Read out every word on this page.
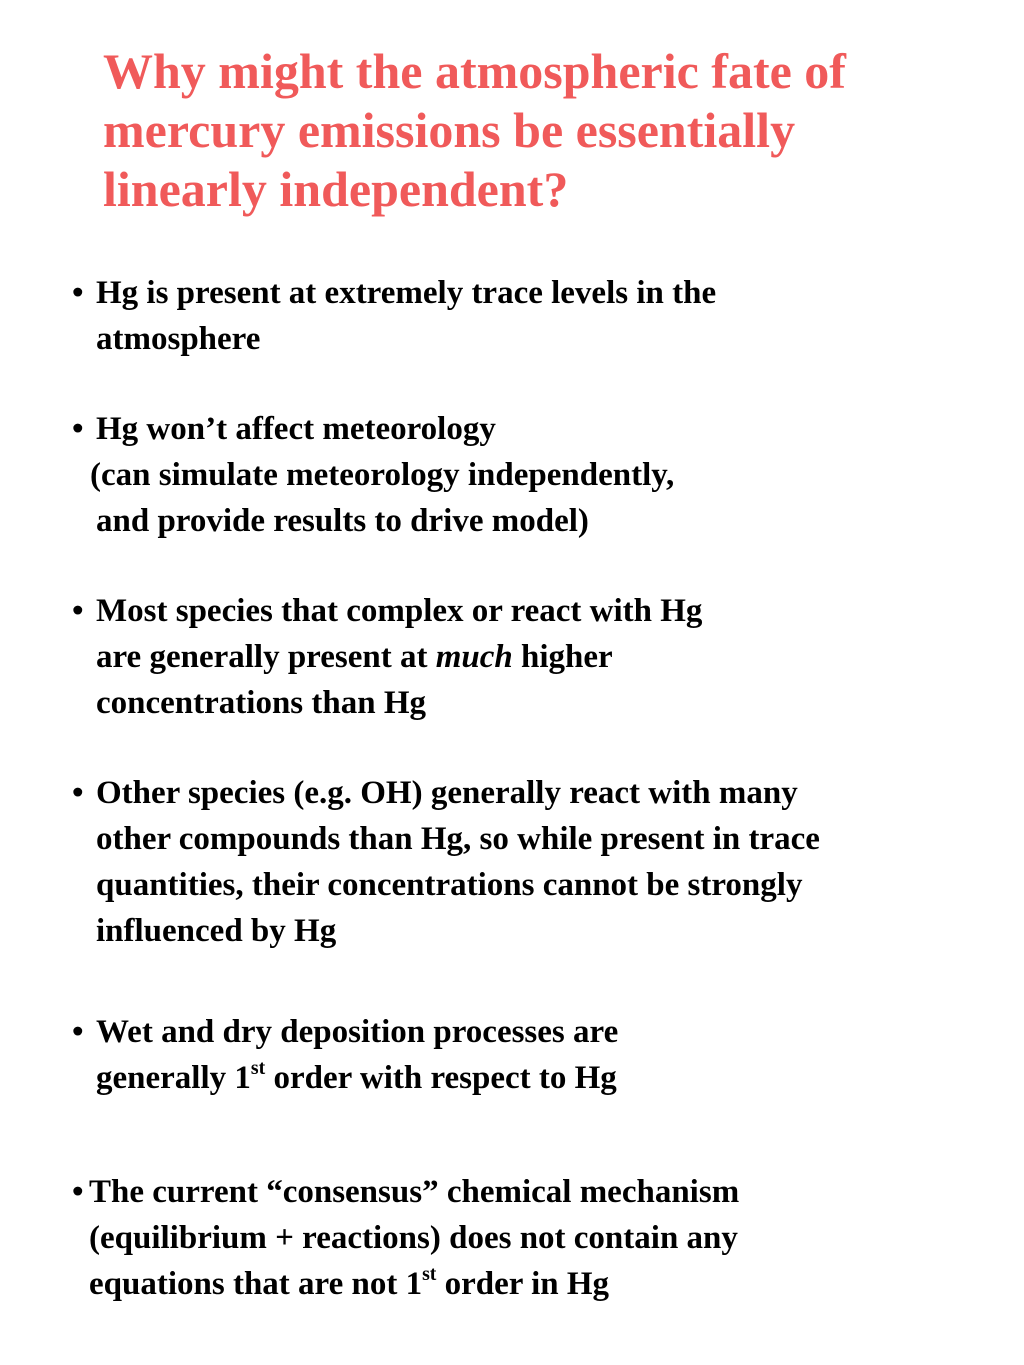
Why might the atmospheric fate of
mercury emissions be essentially
linearly independent?
• Hg is present at extremely trace levels in the
atmosphere
• Hg won’t affect meteorology
(can simulate meteorology independently,
and provide results to drive model)
• Most species that complex or react with Hg
are generally present at much higher
concentrations than Hg
• Other species (e.g. OH) generally react with many
other compounds than Hg, so while present in trace
quantities, their concentrations cannot be strongly
influenced by Hg
• Wet and dry deposition processes are
generally 1st order with respect to Hg
• The current “consensus” chemical mechanism
(equilibrium + reactions) does not contain any
equations that are not 1st order in Hg
